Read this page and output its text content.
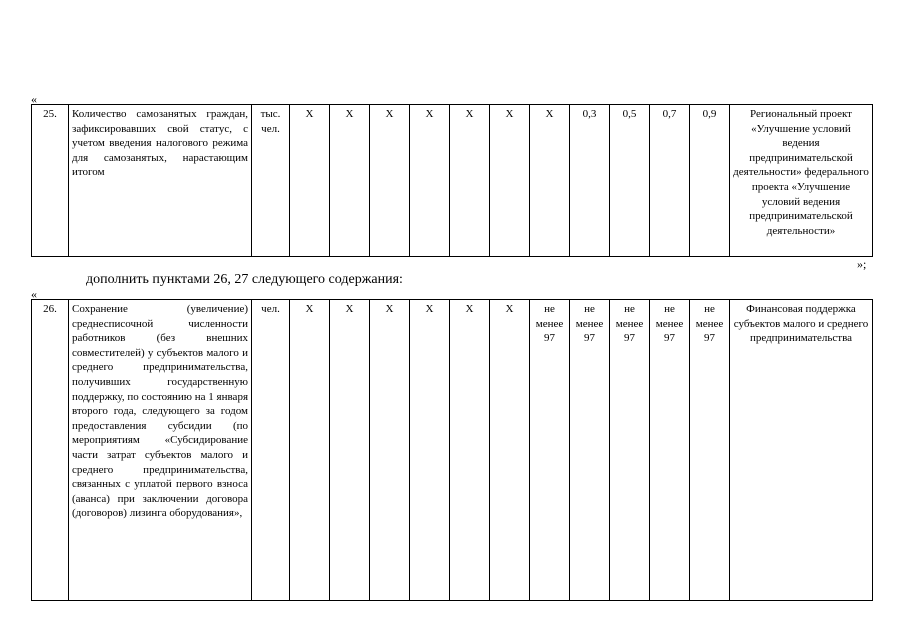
«
25.	Количество самозанятых граждан, зафиксировавших свой статус, с учетом введения налогового режима для самозанятых, нарастающим итогом	тыс. чел.	Х	Х	Х	Х	Х	Х	Х	0,3	0,5	0,7	0,9	Региональный проект «Улучшение условий ведения предпринимательской деятельности» федерального проекта «Улучшение условий ведения предпринимательской деятельности»
»;
дополнить пунктами 26, 27 следующего содержания:
«
26.	Сохранение (увеличение) среднесписочной численности работников (без внешних совместителей) у субъектов малого и среднего предпринимательства, получивших государственную поддержку, по состоянию на 1 января второго года, следующего за годом предоставления субсидии (по мероприятиям «Субсидирование части затрат субъектов малого и среднего предпринимательства, связанных с уплатой первого взноса (аванса) при заключении договора (договоров) лизинга оборудования»,	чел.	Х	Х	Х	Х	Х	Х	не менее 97	не менее 97	не менее 97	не менее 97	не менее 97	Финансовая поддержка субъектов малого и среднего предпринимательства
